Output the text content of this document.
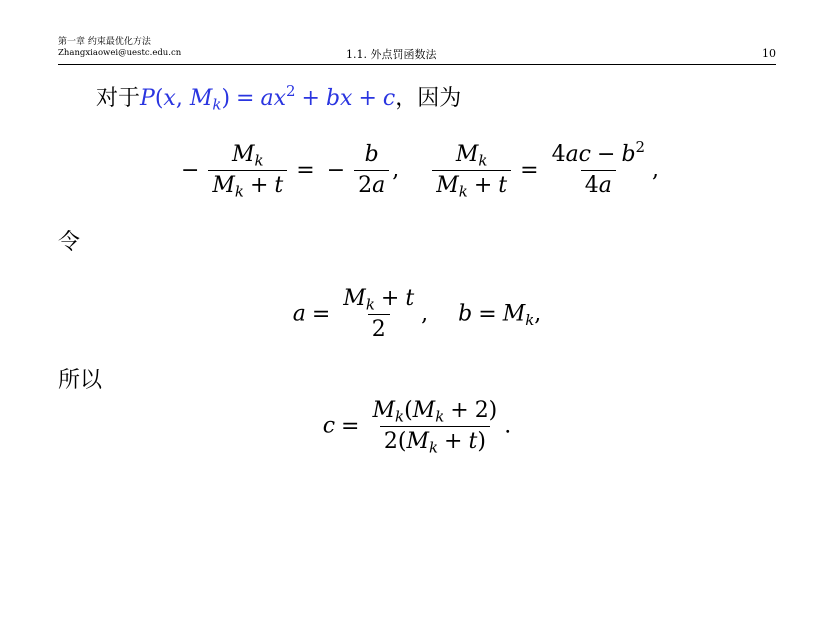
第一章 约束最优化方法
Zhangxiaowei@uestc.edu.cn	1.1. 外点罚函数法	10
对于P(x, $M_k) = ax^2$ + bx + c，因为
− $\frac{M_k}{M_k + t}$ = − $\frac{b}{2a}$ , $\frac{M_k}{M_k + t} = \frac{4ac - b^2}{4a}$ ,
令
$a = \frac{M_k + t}{2}$ , $b = M_k$,
所以
$c = \frac{M_k(M_k + 2)}{2(M_k + t)}$ .
